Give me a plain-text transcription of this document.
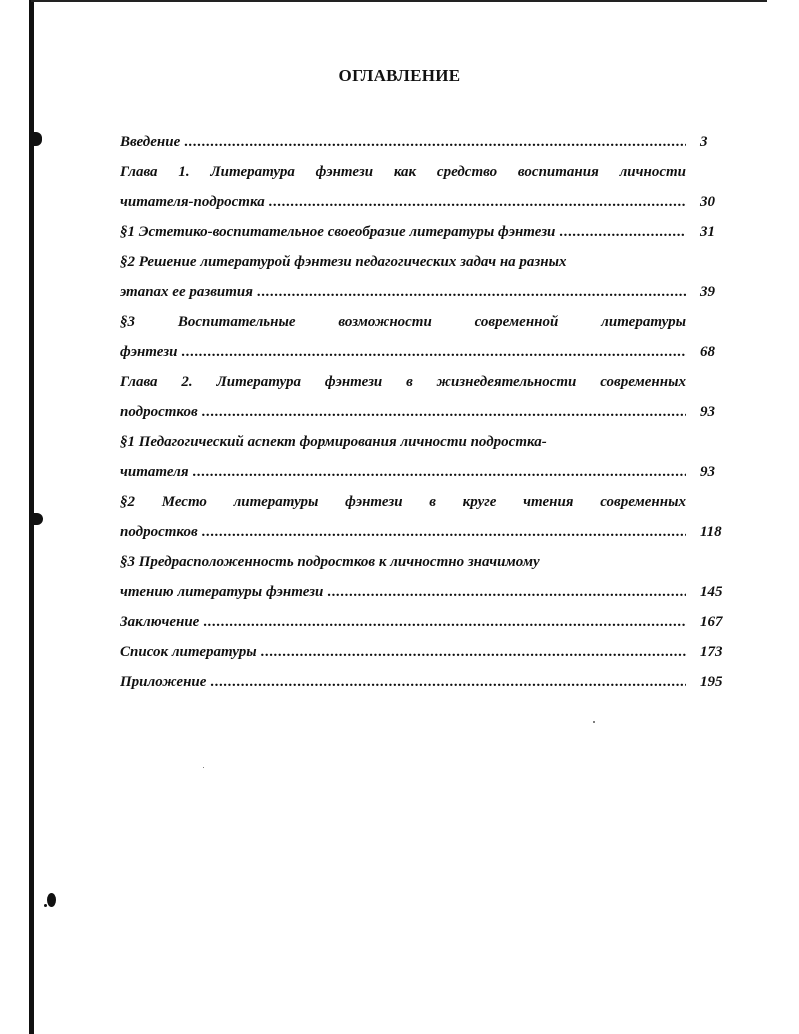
ОГЛАВЛЕНИЕ
Введение .....	3
Глава 1. Литература фэнтези как средство воспитания личности
читателя-подростка .....	30
§1 Эстетико-воспитательное своеобразие литературы фэнтези .....	31
§2 Решение литературой фэнтези педагогических задач на разных
этапах ее развития .....	39
§3 Воспитательные возможности современной литературы
фэнтези .....	68
Глава 2. Литература фэнтези в жизнедеятельности современных
подростков .....	93
§1 Педагогический аспект формирования личности подростка-
читателя .....	93
§2 Место литературы фэнтези в круге чтения современных
подростков .....	118
§3 Предрасположенность подростков к личностно значимому
чтению литературы фэнтези .....	145
Заключение .....	167
Список литературы .....	173
Приложение .....	195
